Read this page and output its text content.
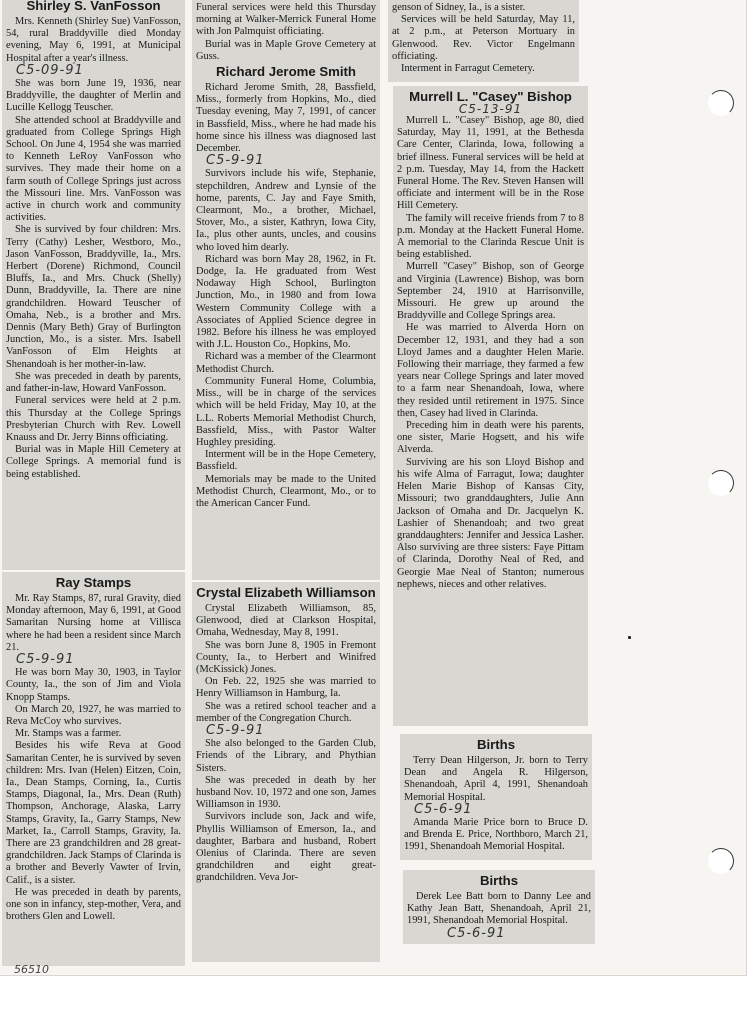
Shirley S. VanFosson

Mrs. Kenneth (Shirley Sue) VanFosson, 54, rural Braddyville died Monday evening, May 6, 1991, at Municipal Hospital after a year's illness.

C5-09-91

She was born June 19, 1936, near Braddyville, the daughter of Merlin and Lucille Kellogg Teuscher.

She attended school at Braddyville and graduated from College Springs High School. On June 4, 1954 she was married to Kenneth LeRoy VanFosson who survives. They made their home on a farm south of College Springs just across the Missouri line. Mrs. VanFosson was active in church work and community activities.

She is survived by four children: Mrs. Terry (Cathy) Lesher, Westboro, Mo., Jason VanFosson, Braddyville, Ia., Mrs. Herbert (Dorene) Richmond, Council Bluffs, Ia., and Mrs. Chuck (Shelly) Dunn, Braddyville, Ia. There are nine grandchildren. Howard Teuscher of Omaha, Neb., is a brother and Mrs. Dennis (Mary Beth) Gray of Burlington Junction, Mo., is a sister. Mrs. Isabell VanFosson of Elm Heights at Shenandoah is her mother-in-law.

She was preceded in death by parents, and father-in-law, Howard VanFosson.

Funeral services were held at 2 p.m. this Thursday at the College Springs Presbyterian Church with Rev. Lowell Knauss and Dr. Jerry Binns officiating.

Burial was in Maple Hill Cemetery at College Springs. A memorial fund is being established.

Ray Stamps

Mr. Ray Stamps, 87, rural Gravity, died Monday afternoon, May 6, 1991, at Good Samaritan Nursing home at Villisca where he had been a resident since March 21.

C5-9-91

He was born May 30, 1903, in Taylor County, Ia., the son of Jim and Viola Knopp Stamps.

On March 20, 1927, he was married to Reva McCoy who survives.

Mr. Stamps was a farmer.

Besides his wife Reva at Good Samaritan Center, he is survived by seven children: Mrs. Ivan (Helen) Eitzen, Coin, Ia., Dean Stamps, Corning, Ia., Curtis Stamps, Diagonal, Ia., Mrs. Dean (Ruth) Thompson, Anchorage, Alaska, Larry Stamps, Gravity, Ia., Garry Stamps, New Market, Ia., Carroll Stamps, Gravity, Ia. There are 23 grandchildren and 28 great-grandchildren. Jack Stamps of Clarinda is a brother and Beverly Vawter of Irvin, Calif., is a sister.

He was preceded in death by parents, one son in infancy, step-mother, Vera, and brothers Glen and Lowell.

Funeral services were held this Thursday morning at Walker-Merrick Funeral Home with Jon Palmquist officiating.

Burial was in Maple Grove Cemetery at Guss.

Richard Jerome Smith

Richard Jerome Smith, 28, Bassfield, Miss., formerly from Hopkins, Mo., died Tuesday evening, May 7, 1991, of cancer in Bassfield, Miss., where he had made his home since his illness was diagnosed last December.

C5-9-91

Survivors include his wife, Stephanie, stepchildren, Andrew and Lynsie of the home, parents, C. Jay and Faye Smith, Clearmont, Mo., a brother, Michael, Stover, Mo., a sister, Kathryn, Iowa City, Ia., plus other aunts, uncles, and cousins who loved him dearly.

Richard was born May 28, 1962, in Ft. Dodge, Ia. He graduated from West Nodaway High School, Burlington Junction, Mo., in 1980 and from Iowa Western Community College with a Associates of Applied Science degree in 1982. Before his illness he was employed with J.L. Houston Co., Hopkins, Mo.

Richard was a member of the Clearmont Methodist Church.

Community Funeral Home, Columbia, Miss., will be in charge of the services which will be held Friday, May 10, at the L.L. Roberts Memorial Methodist Church, Bassfield, Miss., with Pastor Walter Hughley presiding.

Interment will be in the Hope Cemetery, Bassfield.

Memorials may be made to the United Methodist Church, Clearmont, Mo., or to the American Cancer Fund.

Crystal Elizabeth Williamson

Crystal Elizabeth Williamson, 85, Glenwood, died at Clarkson Hospital, Omaha, Wednesday, May 8, 1991.

She was born June 8, 1905 in Fremont County, Ia., to Herbert and Winifred (McKissick) Jones.

On Feb. 22, 1925 she was married to Henry Williamson in Hamburg, Ia.

She was a retired school teacher and a member of the Congregation Church.

C5-9-91

She also belonged to the Garden Club, Friends of the Library, and Phythian Sisters.

She was preceded in death by her husband Nov. 10, 1972 and one son, James Williamson in 1930.

Survivors include son, Jack and wife, Phyllis Williamson of Emerson, Ia., and daughter, Barbara and husband, Robert Olenius of Clarinda. There are seven grandchildren and eight great-grandchildren. Veva Jor-

genson of Sidney, Ia., is a sister.

Services will be held Saturday, May 11, at 2 p.m., at Peterson Mortuary in Glenwood. Rev. Victor Engelmann officiating.

Interment in Farragut Cemetery.

Murrell L. "Casey" Bishop
C5-13-91

Murrell L. "Casey" Bishop, age 80, died Saturday, May 11, 1991, at the Bethesda Care Center, Clarinda, Iowa, following a brief illness. Funeral services will be held at 2 p.m. Tuesday, May 14, from the Hackett Funeral Home. The Rev. Steven Hansen will officiate and interment will be in the Rose Hill Cemetery.

The family will receive friends from 7 to 8 p.m. Monday at the Hackett Funeral Home. A memorial to the Clarinda Rescue Unit is being established.

Murrell "Casey" Bishop, son of George and Virginia (Lawrence) Bishop, was born September 24, 1910 at Harrisonville, Missouri. He grew up around the Braddyville and College Springs area.

He was married to Alverda Horn on December 12, 1931, and they had a son Lloyd James and a daughter Helen Marie. Following their marriage, they farmed a few years near College Springs and later moved to a farm near Shenandoah, Iowa, where they resided until retirement in 1975. Since then, Casey had lived in Clarinda.

Preceding him in death were his parents, one sister, Marie Hogsett, and his wife Alverda.

Surviving are his son Lloyd Bishop and his wife Alma of Farragut, Iowa; daughter Helen Marie Bishop of Kansas City, Missouri; two granddaughters, Julie Ann Jackson of Omaha and Dr. Jacquelyn K. Lashier of Shenandoah; and two great granddaughters: Jennifer and Jessica Lasher. Also surviving are three sisters: Faye Pittam of Clarinda, Dorothy Neal of Red, and Georgie Mae Neal of Stanton; numerous nephews, nieces and other relatives.

Births

Terry Dean Hilgerson, Jr. born to Terry Dean and Angela R. Hilgerson, Shenandoah, April 4, 1991, Shenandoah Memorial Hospital.

C5-6-91

Amanda Marie Price born to Bruce D. and Brenda E. Price, Northboro, March 21, 1991, Shenandoah Memorial Hospital.

Births

Derek Lee Batt born to Danny Lee and Kathy Jean Batt, Shenandoah, April 21, 1991, Shenandoah Memorial Hospital.

C5-6-91
56510
